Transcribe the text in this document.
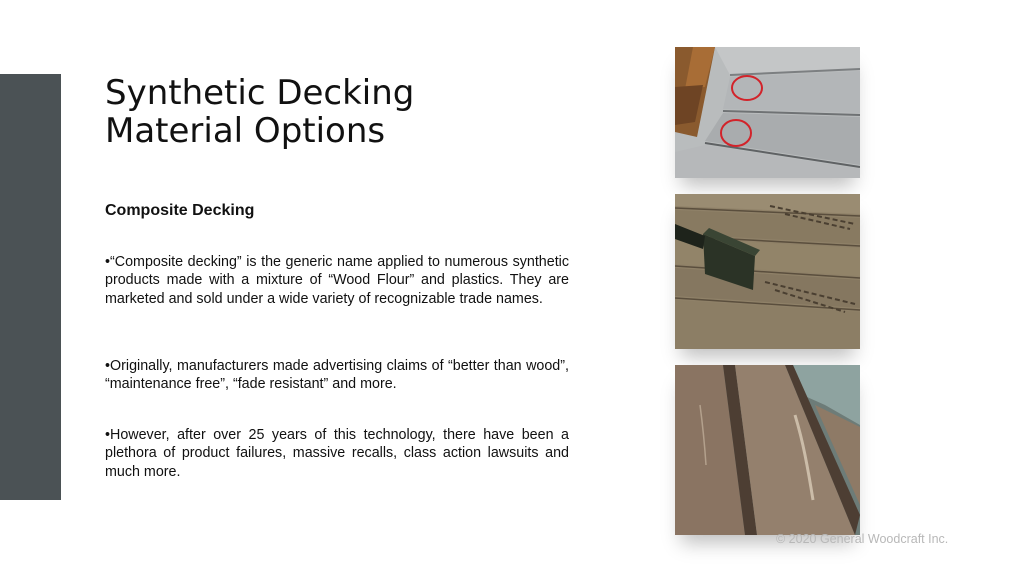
Synthetic Decking
Material Options

Composite Decking

•“Composite decking” is the generic name applied to numerous synthetic products made with a mixture of “Wood Flour” and plastics. They are marketed and sold under a wide variety of recognizable trade names.

•Originally, manufacturers made advertising claims of “better than wood”, “maintenance free”, “fade resistant” and more.

•However, after over 25 years of this technology, there have been a plethora of product failures, massive recalls, class action lawsuits and much more.

© 2020 General Woodcraft Inc.
